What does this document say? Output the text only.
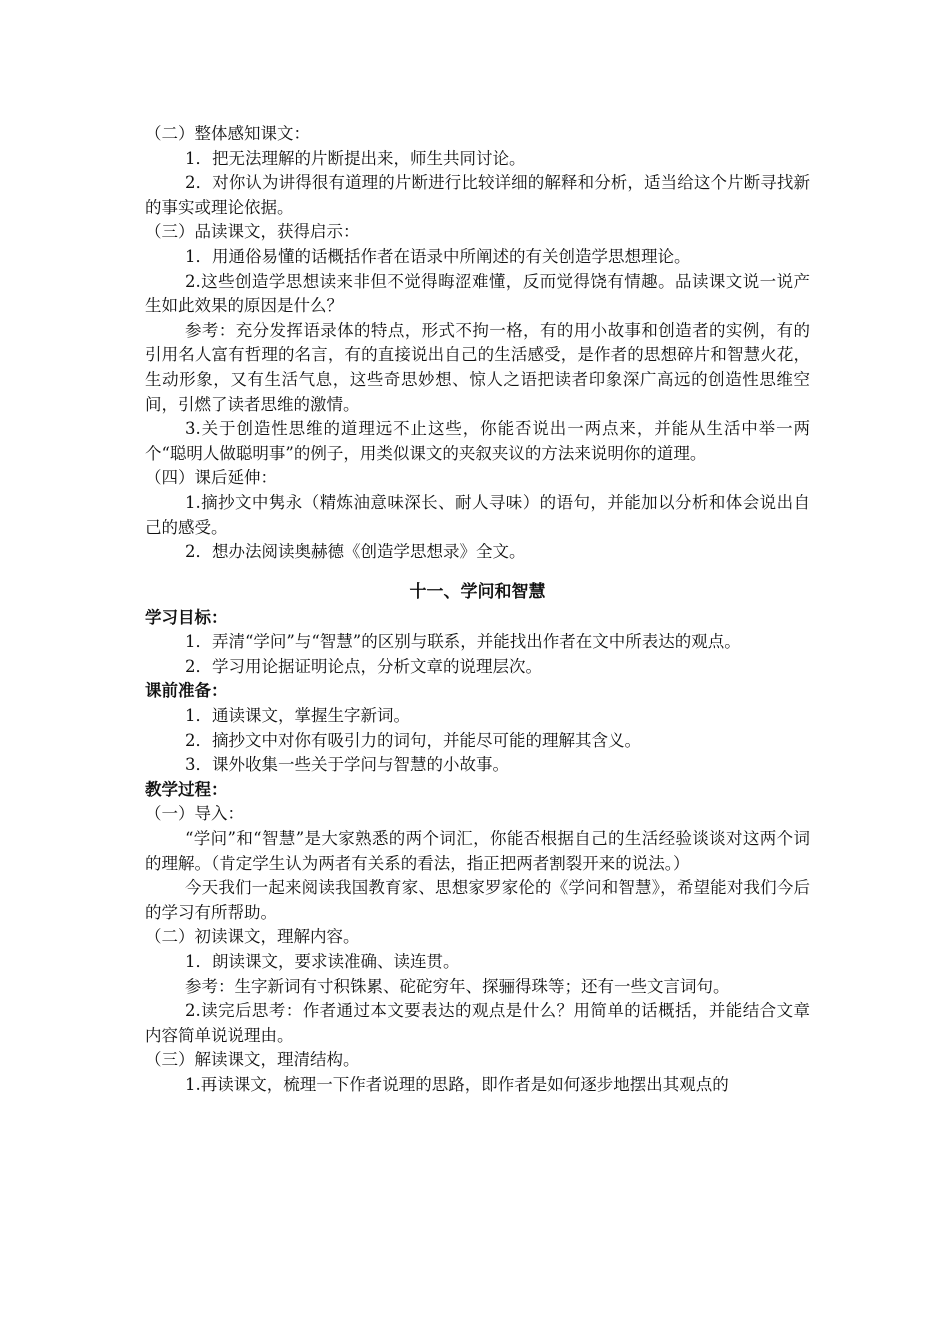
（二）整体感知课文：

1．把无法理解的片断提出来，师生共同讨论。

2．对你认为讲得很有道理的片断进行比较详细的解释和分析，适当给这个片断寻找新的事实或理论依据。

（三）品读课文，获得启示：

1．用通俗易懂的话概括作者在语录中所阐述的有关创造学思想理论。

2.这些创造学思想读来非但不觉得晦涩难懂，反而觉得饶有情趣。品读课文说一说产生如此效果的原因是什么？

参考：充分发挥语录体的特点，形式不拘一格，有的用小故事和创造者的实例，有的引用名人富有哲理的名言，有的直接说出自己的生活感受，是作者的思想碎片和智慧火花，生动形象，又有生活气息，这些奇思妙想、惊人之语把读者印象深广高远的创造性思维空间，引燃了读者思维的激情。

3.关于创造性思维的道理远不止这些，你能否说出一两点来，并能从生活中举一两个“聪明人做聪明事”的例子，用类似课文的夹叙夹议的方法来说明你的道理。

（四）课后延伸：

1.摘抄文中隽永（精炼油意味深长、耐人寻味）的语句，并能加以分析和体会说出自己的感受。

2．想办法阅读奥赫德《创造学思想录》全文。

十一、学问和智慧

学习目标：

1．弄清“学问”与“智慧”的区别与联系，并能找出作者在文中所表达的观点。

2．学习用论据证明论点，分析文章的说理层次。

课前准备：

1．通读课文，掌握生字新词。

2．摘抄文中对你有吸引力的词句，并能尽可能的理解其含义。

3．课外收集一些关于学问与智慧的小故事。

教学过程：

（一）导入：

“学问”和“智慧”是大家熟悉的两个词汇，你能否根据自己的生活经验谈谈对这两个词的理解。（肯定学生认为两者有关系的看法，指正把两者割裂开来的说法。）

今天我们一起来阅读我国教育家、思想家罗家伦的《学问和智慧》，希望能对我们今后的学习有所帮助。

（二）初读课文，理解内容。

1．朗读课文，要求读准确、读连贯。

参考：生字新词有寸积铢累、砣砣穷年、探骊得珠等；还有一些文言词句。

2.读完后思考：作者通过本文要表达的观点是什么？用简单的话概括，并能结合文章内容简单说说理由。

（三）解读课文，理清结构。

1.再读课文，梳理一下作者说理的思路，即作者是如何逐步地摆出其观点的
